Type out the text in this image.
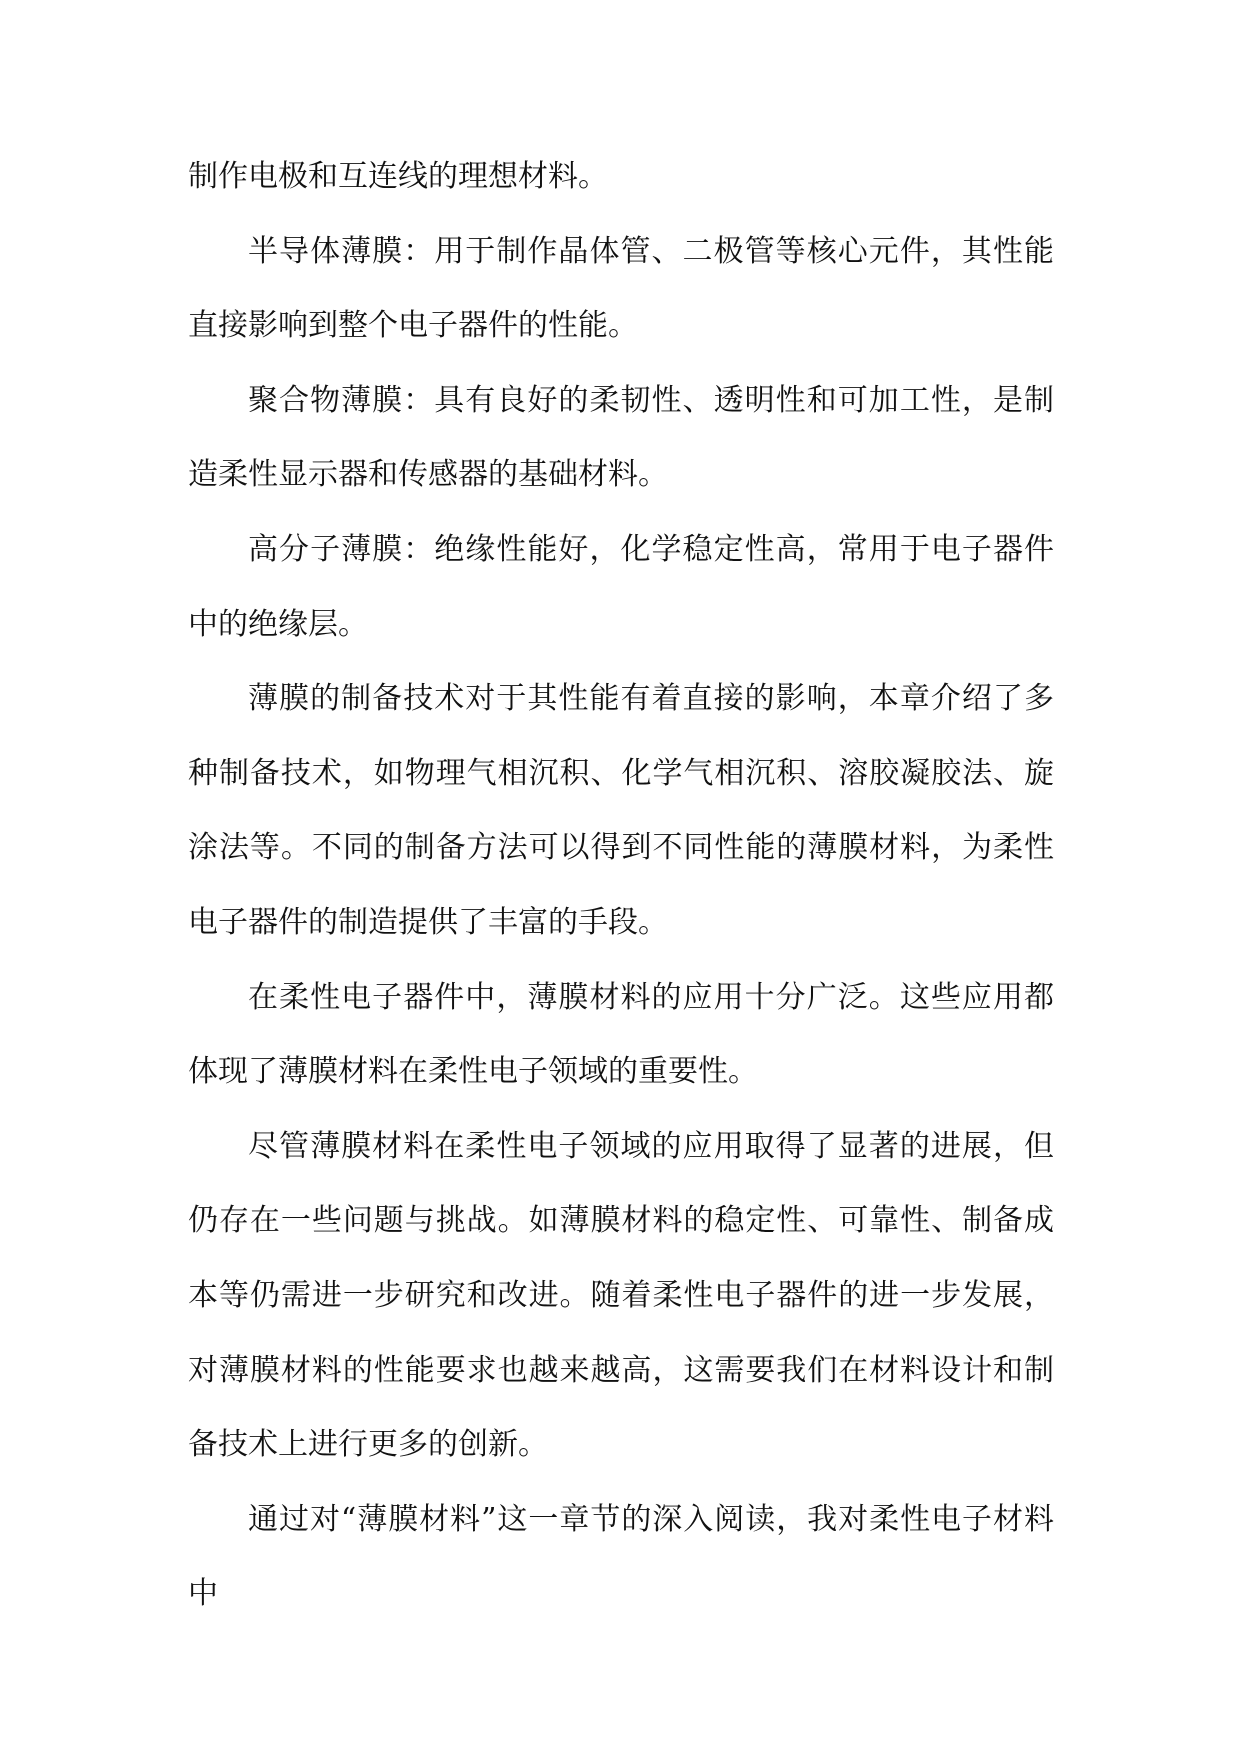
制作电极和互连线的理想材料。

半导体薄膜：用于制作晶体管、二极管等核心元件，其性能直接影响到整个电子器件的性能。

聚合物薄膜：具有良好的柔韧性、透明性和可加工性，是制造柔性显示器和传感器的基础材料。

高分子薄膜：绝缘性能好，化学稳定性高，常用于电子器件中的绝缘层。

薄膜的制备技术对于其性能有着直接的影响，本章介绍了多种制备技术，如物理气相沉积、化学气相沉积、溶胶凝胶法、旋涂法等。不同的制备方法可以得到不同性能的薄膜材料，为柔性电子器件的制造提供了丰富的手段。

在柔性电子器件中，薄膜材料的应用十分广泛。这些应用都体现了薄膜材料在柔性电子领域的重要性。

尽管薄膜材料在柔性电子领域的应用取得了显著的进展，但仍存在一些问题与挑战。如薄膜材料的稳定性、可靠性、制备成本等仍需进一步研究和改进。随着柔性电子器件的进一步发展，对薄膜材料的性能要求也越来越高，这需要我们在材料设计和制备技术上进行更多的创新。

通过对“薄膜材料”这一章节的深入阅读，我对柔性电子材料中
